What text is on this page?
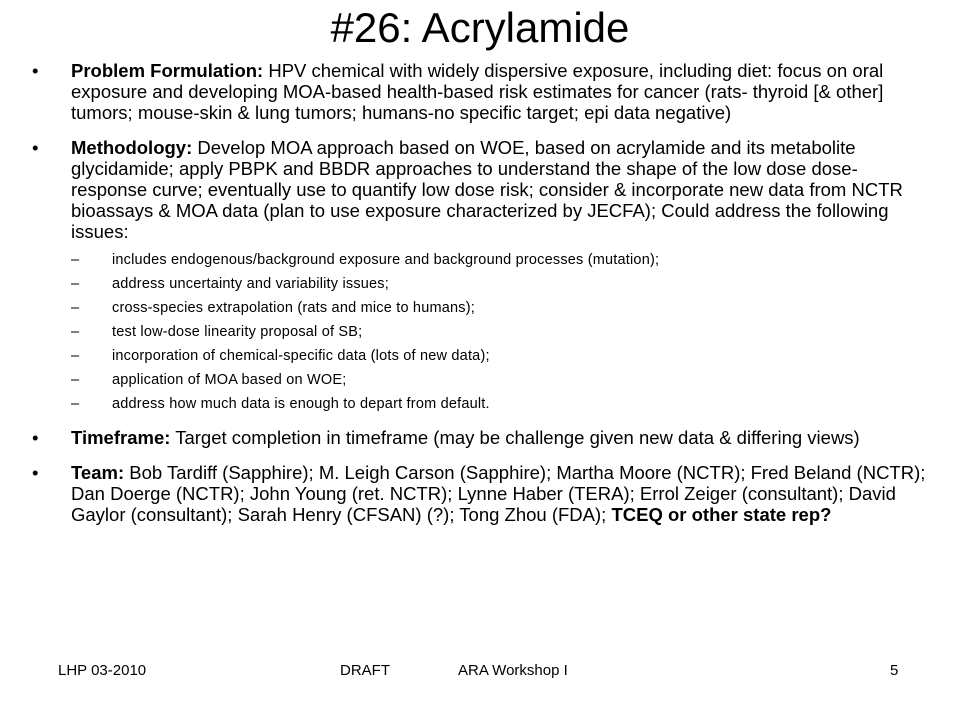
#26: Acrylamide
• Problem Formulation: HPV chemical with widely dispersive exposure, including diet: focus on oral exposure and developing MOA-based health-based risk estimates for cancer (rats- thyroid [& other] tumors; mouse-skin & lung tumors; humans-no specific target; epi data negative)
• Methodology: Develop MOA approach based on WOE, based on acrylamide and its metabolite glycidamide; apply PBPK and BBDR approaches to understand the shape of the low dose dose-response curve; eventually use to quantify low dose risk; consider & incorporate new data from NCTR bioassays & MOA data (plan to use exposure characterized by JECFA); Could address the following issues:
– includes endogenous/background exposure and background processes (mutation);
– address uncertainty and variability issues;
– cross-species extrapolation (rats and mice to humans);
– test low-dose linearity proposal of SB;
– incorporation of chemical-specific data (lots of new data);
– application of MOA based on WOE;
– address how much data is enough to depart from default.
• Timeframe: Target completion in timeframe (may be challenge given new data & differing views)
• Team: Bob Tardiff (Sapphire); M. Leigh Carson (Sapphire); Martha Moore (NCTR); Fred Beland (NCTR); Dan Doerge (NCTR); John Young (ret. NCTR); Lynne Haber (TERA); Errol Zeiger (consultant); David Gaylor (consultant); Sarah Henry (CFSAN) (?); Tong Zhou (FDA); TCEQ or other state rep?
LHP 03-2010	DRAFT	ARA Workshop I	5
